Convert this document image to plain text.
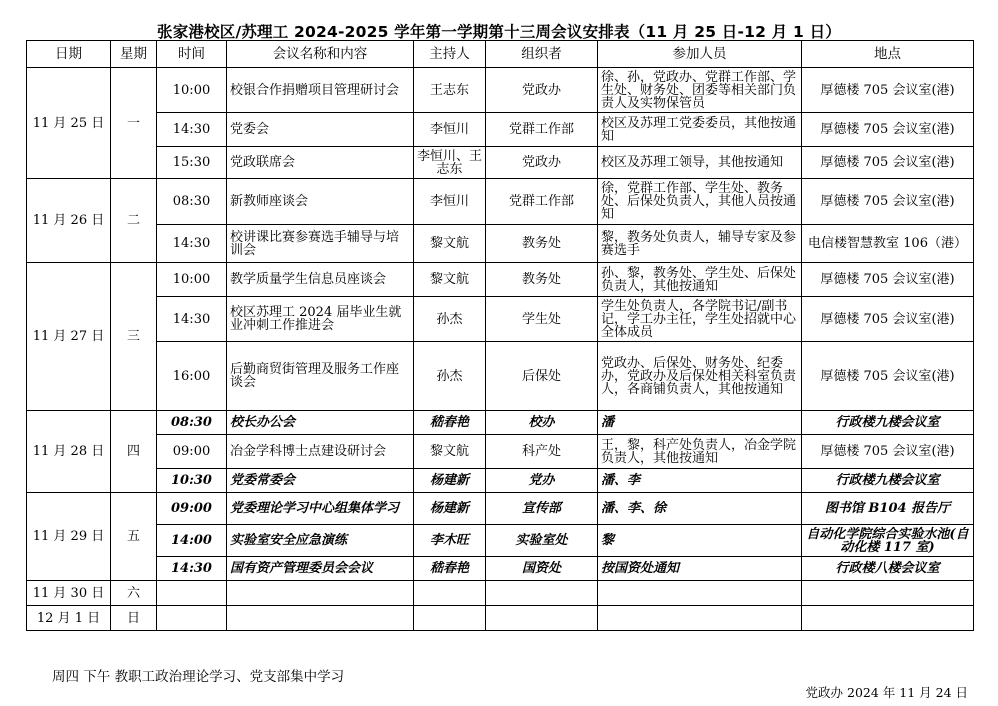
张家港校区/苏理工 2024-2025 学年第一学期第十三周会议安排表（11 月 25 日-12 月 1 日）
日期	星期	时间	会议名称和内容	主持人	组织者	参加人员	地点
11 月 25 日	一	10:00	校银合作捐赠项目管理研讨会	王志东	党政办	徐、孙，党政办、党群工作部、学生处、财务处、团委等相关部门负责人及实物保管员	厚德楼 705 会议室(港)
		14:30	党委会	李恒川	党群工作部	校区及苏理工党委委员，其他按通知	厚德楼 705 会议室(港)
		15:30	党政联席会	李恒川、王志东	党政办	校区及苏理工领导，其他按通知	厚德楼 705 会议室(港)
11 月 26 日	二	08:30	新教师座谈会	李恒川	党群工作部	徐，党群工作部、学生处、教务处、后保处负责人，其他人员按通知	厚德楼 705 会议室(港)
		14:30	校讲课比赛参赛选手辅导与培训会	黎文航	教务处	黎，教务处负责人，辅导专家及参赛选手	电信楼智慧教室 106（港）
11 月 27 日	三	10:00	教学质量学生信息员座谈会	黎文航	教务处	孙、黎，教务处、学生处、后保处负责人，其他按通知	厚德楼 705 会议室(港)
		14:30	校区苏理工 2024 届毕业生就业冲刺工作推进会	孙杰	学生处	学生处负责人，各学院书记/副书记，学工办主任，学生处招就中心全体成员	厚德楼 705 会议室(港)
		16:00	后勤商贸街管理及服务工作座谈会	孙杰	后保处	党政办、后保处、财务处、纪委办，党政办及后保处相关科室负责人，各商铺负责人，其他按通知	厚德楼 705 会议室(港)
11 月 28 日	四	08:30	校长办公会	嵇春艳	校办	潘	行政楼九楼会议室
		09:00	冶金学科博士点建设研讨会	黎文航	科产处	王，黎，科产处负责人，冶金学院负责人，其他按通知	厚德楼 705 会议室(港)
		10:30	党委常委会	杨建新	党办	潘、李	行政楼九楼会议室
11 月 29 日	五	09:00	党委理论学习中心组集体学习	杨建新	宣传部	潘、李、徐	图书馆 B104 报告厅
		14:00	实验室安全应急演练	李木旺	实验室处	黎	自动化学院综合实验水池(自动化楼 117 室)
		14:30	国有资产管理委员会会议	嵇春艳	国资处	按国资处通知	行政楼八楼会议室
11 月 30 日	六						
12 月 1 日	日						
周四 下午 教职工政治理论学习、党支部集中学习
党政办 2024 年 11 月 24 日
